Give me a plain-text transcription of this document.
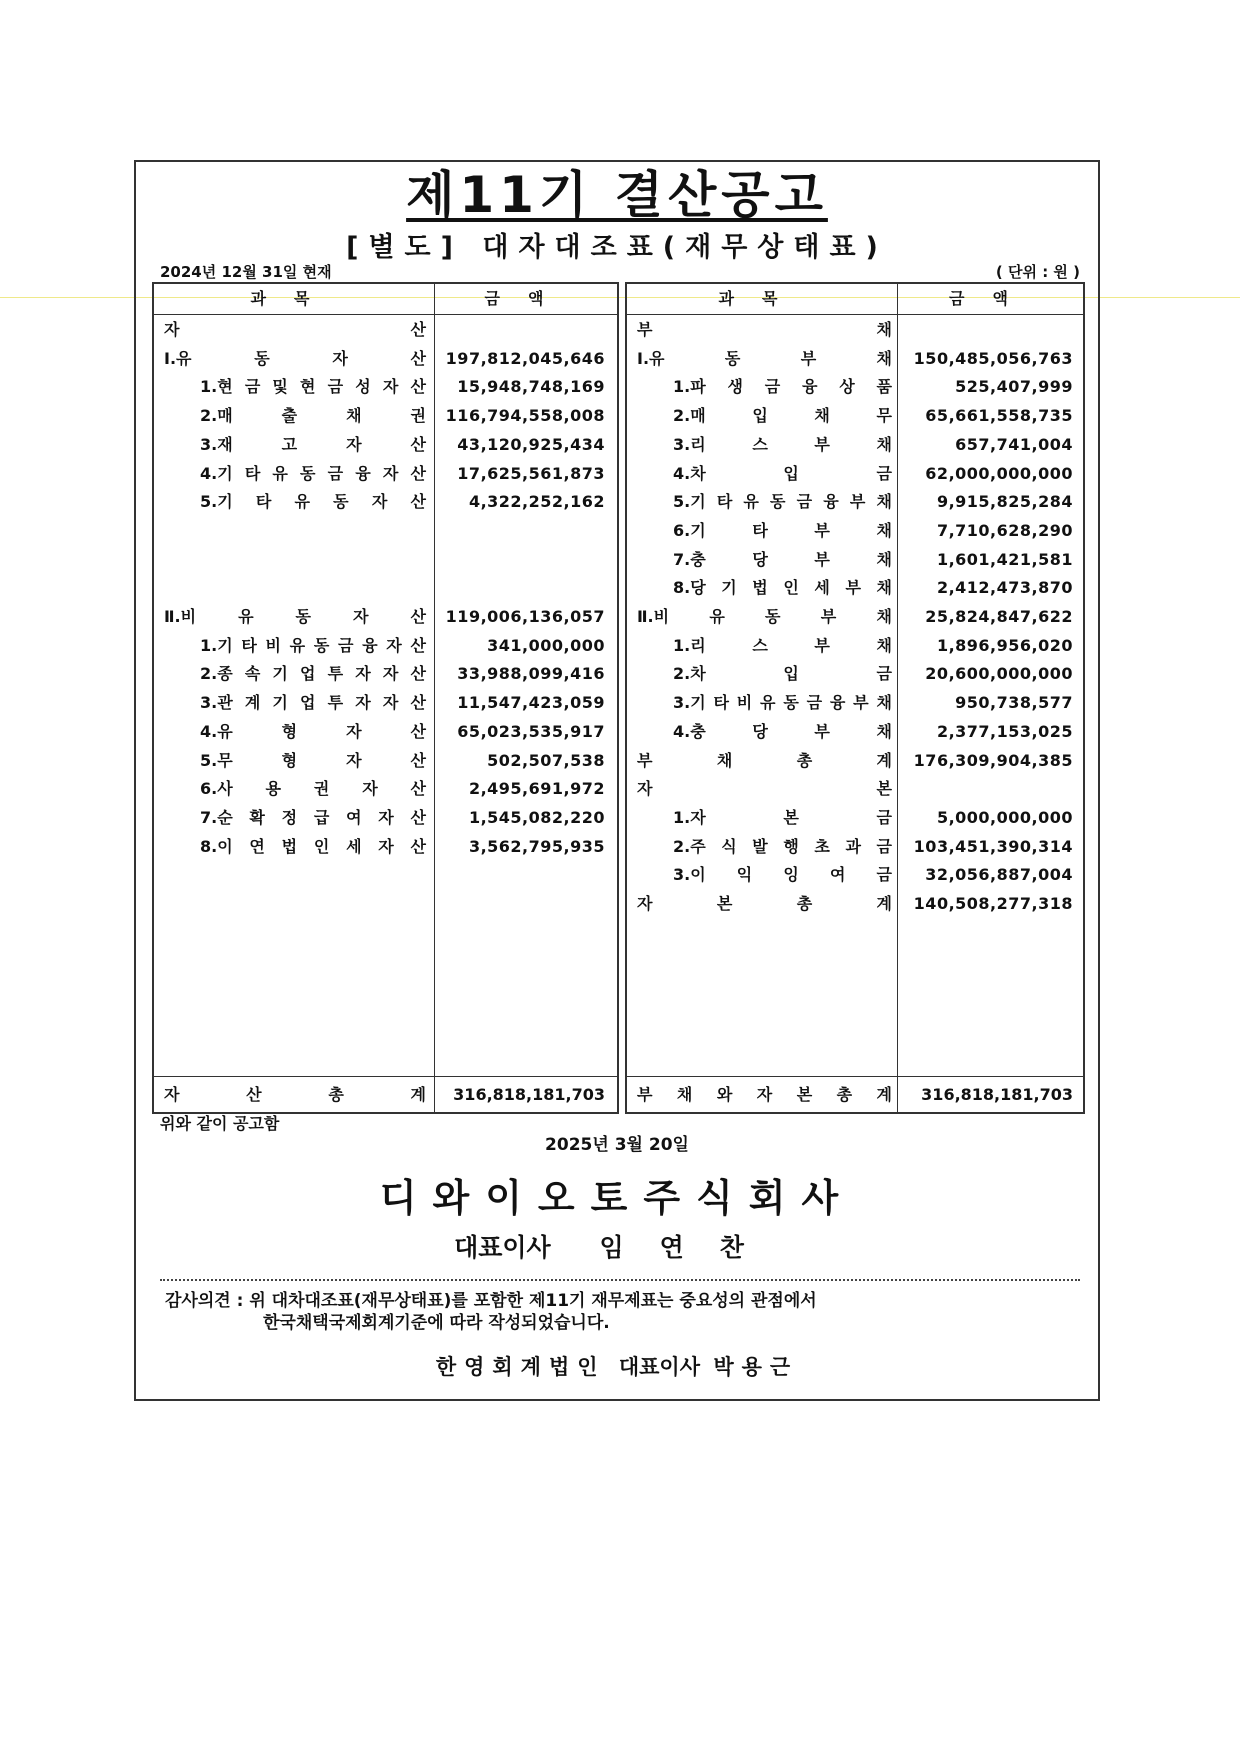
제11기 결산공고
[별도] 대자대조표(재무상태표)
2024년 12월 31일 현재	( 단위 : 원 )
과목	금액
자	산
Ⅰ.유	동	자	산	197,812,045,646
1.현 금 및 현 금 성 자 산	15,948,748,169
2.매	출	채	권	116,794,558,008
3.재	고	자	산	43,120,925,434
4.기 타 유 동 금 융 자 산	17,625,561,873
5.기 타 유 동 자 산	4,322,252,162
Ⅱ.비	유	동	자	산	119,006,136,057
1.기 타 비 유 동 금 융 자 산	341,000,000
2.종 속 기 업 투 자 자 산	33,988,099,416
3.관 계 기 업 투 자 자 산	11,547,423,059
4.유	형	자	산	65,023,535,917
5.무	형	자	산	502,507,538
6.사 용 권 자 산	2,495,691,972
7.순 확 정 급 여 자 산	1,545,082,220
8.이 연 법 인 세 자 산	3,562,795,935
자	산	총	계	316,818,181,703
과목	금액
부	채
Ⅰ.유	동	부	채	150,485,056,763
1.파 생 금 융 상 품	525,407,999
2.매	입	채	무	65,661,558,735
3.리	스	부	채	657,741,004
4.차	입	금	62,000,000,000
5.기 타 유 동 금 융 부 채	9,915,825,284
6.기	타	부	채	7,710,628,290
7.충	당	부	채	1,601,421,581
8.당 기 법 인 세 부 채	2,412,473,870
Ⅱ.비	유	동	부	채	25,824,847,622
1.리	스	부	채	1,896,956,020
2.차	입	금	20,600,000,000
3.기 타 비 유 동 금 융 부 채	950,738,577
4.충	당	부	채	2,377,153,025
부	채	총	계	176,309,904,385
자	본
1.자	본	금	5,000,000,000
2.주 식 발 행 초 과 금	103,451,390,314
3.이 익 잉 여 금	32,056,887,004
자	본	총	계	140,508,277,318
부 채 와 자 본 총 계	316,818,181,703
위와 같이 공고함
2025년 3월 20일
디와이오토주식회사
대표이사 임연찬
감사의견 : 위 대차대조표(재무상태표)를 포함한 제11기 재무제표는 중요성의 관점에서
한국채택국제회계기준에 따라 작성되었습니다.
한영회계법인 대표이사 박용근
